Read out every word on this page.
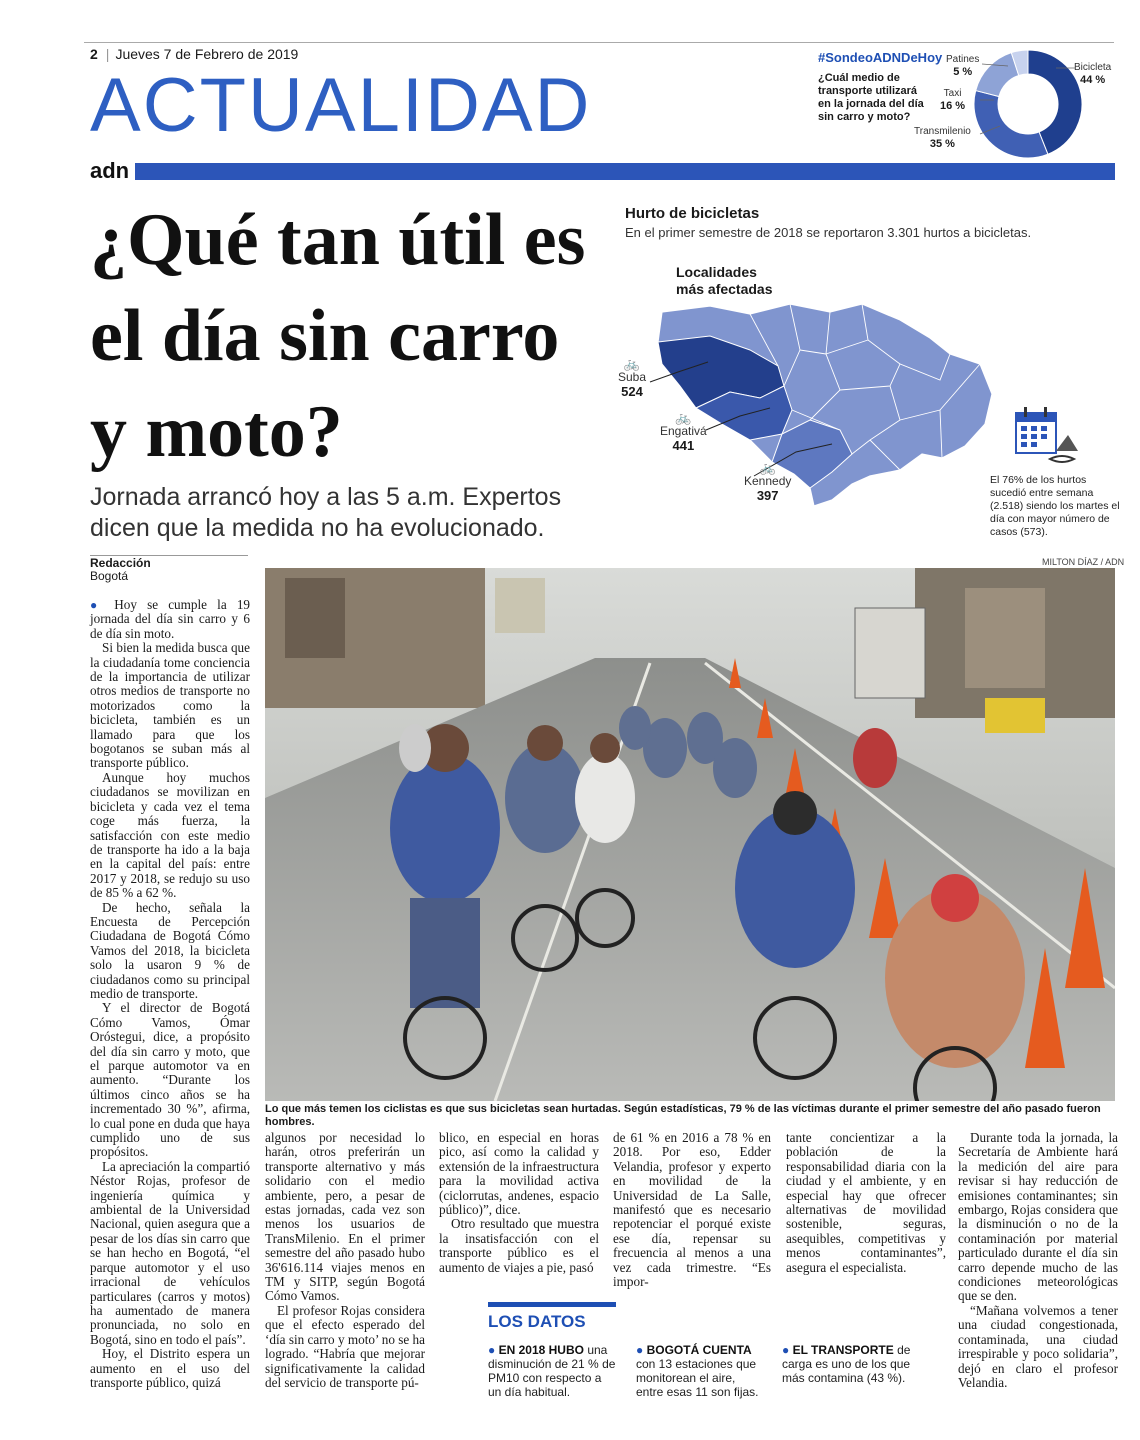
2 | Jueves 7 de Febrero de 2019
ACTUALIDAD
adn
#SondeoADNDeHoy
¿Cuál medio de transporte utilizará en la jornada del día sin carro y moto?
Patines
5 %
Taxi
16 %
Transmilenio
35 %
Bicicleta
44 %
¿Qué tan útil es el día sin carro y moto?
Jornada arrancó hoy a las 5 a.m. Expertos dicen que la medida no ha evolucionado.
Hurto de bicicletas
En el primer semestre de 2018 se reportaron 3.301 hurtos a bicicletas.
Localidades
más afectadas
🚲
Suba
524
🚲
Engativá
441
🚲
Kennedy
397
El 76% de los hurtos sucedió entre semana (2.518) siendo los martes el día con mayor número de casos (573).
Redacción
Bogotá
MILTON DÍAZ / ADN
Lo que más temen los ciclistas es que sus bicicletas sean hurtadas. Según estadísticas, 79 % de las víctimas durante el primer semestre del año pasado fueron hombres.

● Hoy se cumple la 19 jornada del día sin carro y 6 de día sin moto.

Si bien la medida busca que la ciudadanía tome conciencia de la importancia de utilizar otros medios de transporte no motorizados como la bicicleta, también es un llamado para que los bogotanos se suban más al transporte público.

Aunque hoy muchos ciudadanos se movilizan en bicicleta y cada vez el tema coge más fuerza, la satisfacción con este medio de transporte ha ido a la baja en la capital del país: entre 2017 y 2018, se redujo su uso de 85 % a 62 %.

De hecho, señala la Encuesta de Percepción Ciudadana de Bogotá Cómo Vamos del 2018, la bicicleta solo la usaron 9 % de ciudadanos como su principal medio de transporte.

Y el director de Bogotá Cómo Vamos, Ómar Oróstegui, dice, a propósito del día sin carro y moto, que el parque automotor va en aumento. “Durante los últimos cinco años se ha incrementado 30 %”, afirma, lo cual pone en duda que haya cumplido uno de sus propósitos.

La apreciación la compartió Néstor Rojas, profesor de ingeniería química y ambiental de la Universidad Nacional, quien asegura que a pesar de los días sin carro que se han hecho en Bogotá, “el parque automotor y el uso irracional de vehículos particulares (carros y motos) ha aumentado de manera pronunciada, no solo en Bogotá, sino en todo el país”.

Hoy, el Distrito espera un aumento en el uso del transporte público, quizá

algunos por necesidad lo harán, otros preferirán un transporte alternativo y más solidario con el medio ambiente, pero, a pesar de estas jornadas, cada vez son menos los usuarios de TransMilenio. En el primer semestre del año pasado hubo 36'616.114 viajes menos en TM y SITP, según Bogotá Cómo Vamos.

El profesor Rojas considera que el efecto esperado del ‘día sin carro y moto’ no se ha logrado. “Habría que mejorar significativamente la calidad del servicio de transporte pú-

blico, en especial en horas pico, así como la calidad y extensión de la infraestructura para la movilidad activa (ciclorrutas, andenes, espacio público)”, dice.

Otro resultado que muestra la insatisfacción con el transporte público es el aumento de viajes a pie, pasó

de 61 % en 2016 a 78 % en 2018. Por eso, Edder Velandia, profesor y experto en movilidad de la Universidad de La Salle, manifestó que es necesario repotenciar el porqué existe ese día, repensar su frecuencia al menos a una vez cada trimestre. “Es impor-

tante concientizar a la población de la responsabilidad diaria con la ciudad y el ambiente, y en especial hay que ofrecer alternativas de movilidad sostenible, seguras, asequibles, competitivas y menos contaminantes”, asegura el especialista.

Durante toda la jornada, la Secretaría de Ambiente hará la medición del aire para revisar si hay reducción de emisiones contaminantes; sin embargo, Rojas considera que la disminución o no de la contaminación por material particulado durante el día sin carro depende mucho de las condiciones meteorológicas que se den.

“Mañana volvemos a tener una ciudad congestionada, contaminada, una ciudad irrespirable y poco solidaria”, dejó en claro el profesor Velandia.

LOS DATOS
● EN 2018 HUBO una disminución de 21 % de PM10 con respecto a un día habitual.
● BOGOTÁ CUENTA con 13 estaciones que monitorean el aire, entre esas 11 son fijas.
● EL TRANSPORTE de carga es uno de los que más contamina (43 %).
